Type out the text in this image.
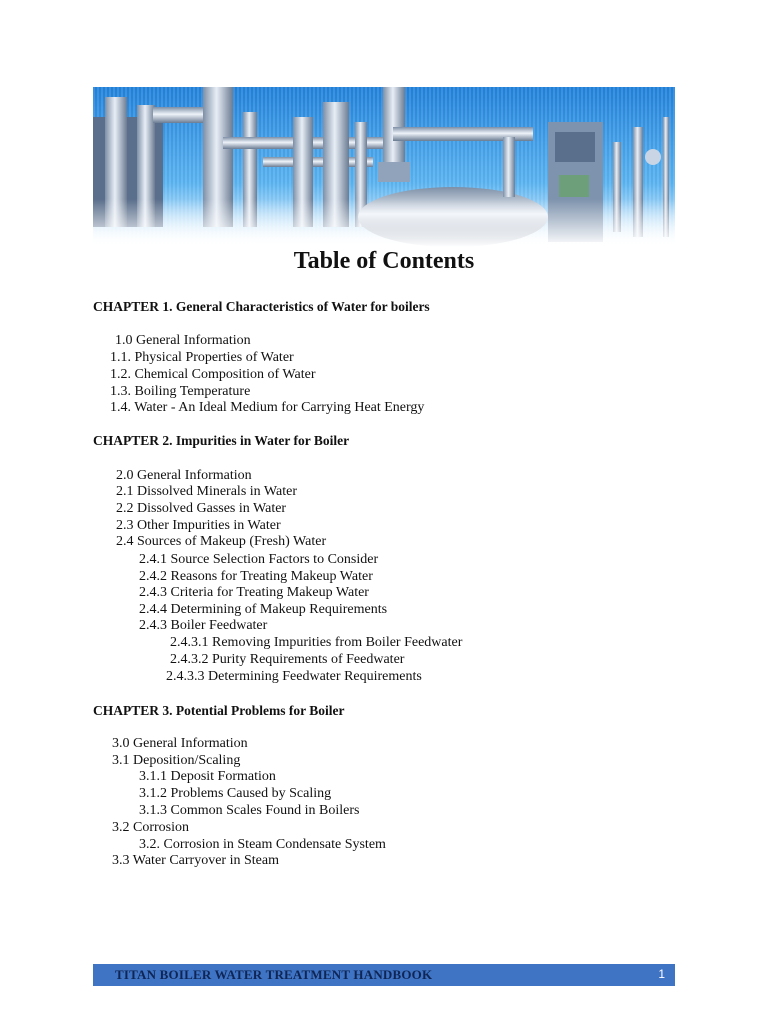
Table of Contents
CHAPTER 1. General Characteristics of Water for boilers
1.0 General Information
1.1. Physical Properties of Water
1.2. Chemical Composition of Water
1.3. Boiling Temperature
1.4. Water - An Ideal Medium for Carrying Heat Energy
CHAPTER 2. Impurities in Water for Boiler
2.0 General Information
2.1 Dissolved Minerals in Water
2.2 Dissolved Gasses in Water
2.3 Other Impurities in Water
2.4 Sources of Makeup (Fresh) Water
2.4.1 Source Selection Factors to Consider
2.4.2 Reasons for Treating Makeup Water
2.4.3 Criteria for Treating Makeup Water
2.4.4 Determining of Makeup Requirements
2.4.3 Boiler Feedwater
2.4.3.1 Removing Impurities from Boiler Feedwater
2.4.3.2 Purity Requirements of Feedwater
2.4.3.3 Determining Feedwater Requirements
CHAPTER 3. Potential Problems for Boiler
3.0 General Information
3.1 Deposition/Scaling
3.1.1 Deposit Formation
3.1.2 Problems Caused by Scaling
3.1.3 Common Scales Found in Boilers
3.2 Corrosion
3.2. Corrosion in Steam Condensate System
3.3 Water Carryover in Steam
TITAN BOILER WATER TREATMENT HANDBOOK	1
